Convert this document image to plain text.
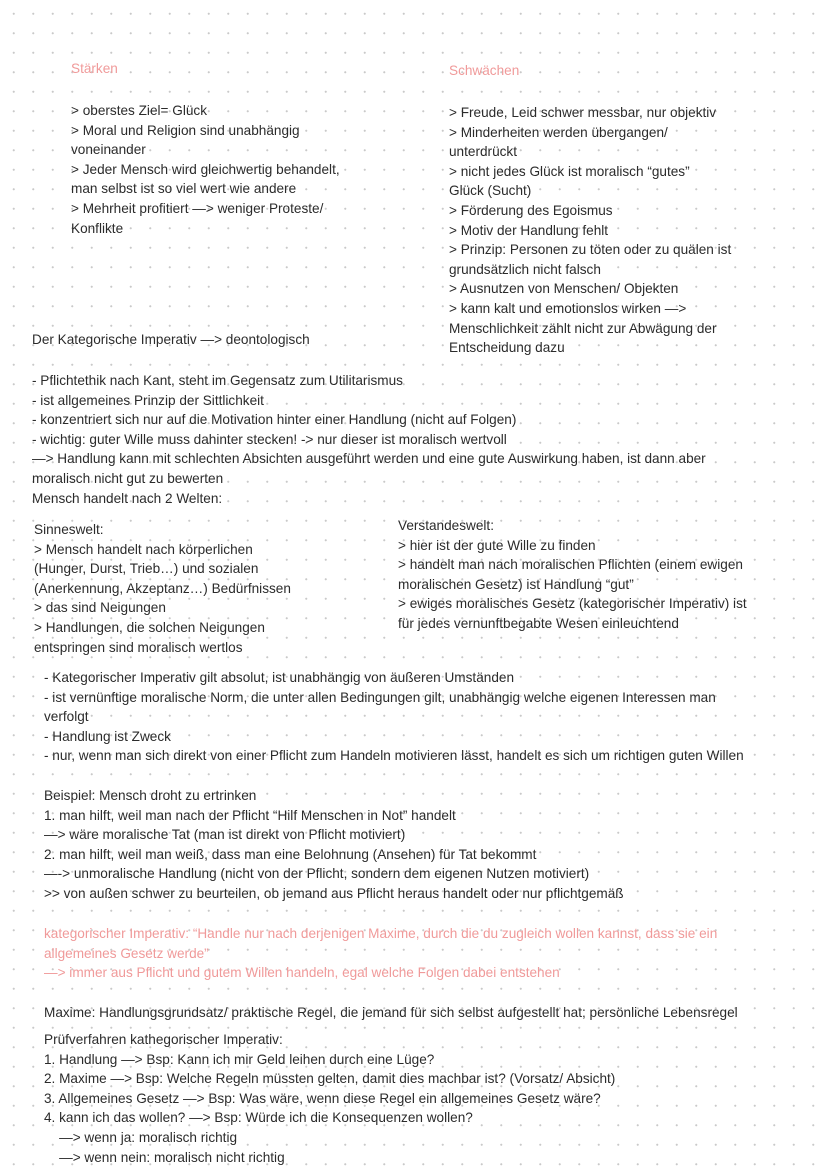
Stärken
> oberstes Ziel= Glück
> Moral und Religion sind unabhängig
voneinander
> Jeder Mensch wird gleichwertig behandelt,
man selbst ist so viel wert wie andere
> Mehrheit profitiert —> weniger Proteste/
Konflikte
Schwächen
> Freude, Leid schwer messbar, nur objektiv
> Minderheiten werden übergangen/
unterdrückt
> nicht jedes Glück ist moralisch “gutes”
Glück (Sucht)
> Förderung des Egoismus
> Motiv der Handlung fehlt
> Prinzip: Personen zu töten oder zu quälen ist
grundsätzlich nicht falsch
> Ausnutzen von Menschen/ Objekten
> kann kalt und emotionslos wirken —>
Menschlichkeit zählt nicht zur Abwägung der
Entscheidung dazu
Der Kategorische Imperativ —> deontologisch
- Pflichtethik nach Kant, steht im Gegensatz zum Utilitarismus
- ist allgemeines Prinzip der Sittlichkeit
- konzentriert sich nur auf die Motivation hinter einer Handlung (nicht auf Folgen)
- wichtig: guter Wille muss dahinter stecken! -> nur dieser ist moralisch wertvoll
—> Handlung kann mit schlechten Absichten ausgeführt werden und eine gute Auswirkung haben, ist dann aber
moralisch nicht gut zu bewerten
Mensch handelt nach 2 Welten:
Sinneswelt:
> Mensch handelt nach körperlichen
(Hunger, Durst, Trieb…) und sozialen
(Anerkennung, Akzeptanz…) Bedürfnissen
> das sind Neigungen
> Handlungen, die solchen Neigungen
entspringen sind moralisch wertlos
Verstandeswelt:
> hier ist der gute Wille zu finden
> handelt man nach moralischen Pflichten (einem ewigen
moralischen Gesetz) ist Handlung “gut”
> ewiges moralisches Gesetz (kategorischer Imperativ) ist
für jedes vernunftbegabte Wesen einleuchtend
- Kategorischer Imperativ gilt absolut, ist unabhängig von äußeren Umständen
- ist vernünftige moralische Norm, die unter allen Bedingungen gilt, unabhängig welche eigenen Interessen man
verfolgt
- Handlung ist Zweck
- nur, wenn man sich direkt von einer Pflicht zum Handeln motivieren lässt, handelt es sich um richtigen guten Willen
Beispiel: Mensch droht zu ertrinken
1. man hilft, weil man nach der Pflicht “Hilf Menschen in Not” handelt
—> wäre moralische Tat (man ist direkt von Pflicht motiviert)
2. man hilft, weil man weiß, dass man eine Belohnung (Ansehen) für Tat bekommt
—-> unmoralische Handlung (nicht von der Pflicht, sondern dem eigenen Nutzen motiviert)
>> von außen schwer zu beurteilen, ob jemand aus Pflicht heraus handelt oder nur pflichtgemäß
kategorischer Imperativ: “Handle nur nach derjenigen Maxime, durch die du zugleich wollen kannst, dass sie ein
allgemeines Gesetz werde”
—> immer aus Pflicht und gutem Willen handeln, egal welche Folgen dabei entstehen
Maxime: Handlungsgrundsatz/ praktische Regel, die jemand für sich selbst aufgestellt hat; persönliche Lebensregel
Prüfverfahren kathegorischer Imperativ:
1. Handlung —> Bsp: Kann ich mir Geld leihen durch eine Lüge?
2. Maxime —> Bsp: Welche Regeln müssten gelten, damit dies machbar ist? (Vorsatz/ Absicht)
3. Allgemeines Gesetz —> Bsp: Was wäre, wenn diese Regel ein allgemeines Gesetz wäre?
4. kann ich das wollen? —> Bsp: Würde ich die Konsequenzen wollen?
—> wenn ja: moralisch richtig
—> wenn nein: moralisch nicht richtig
